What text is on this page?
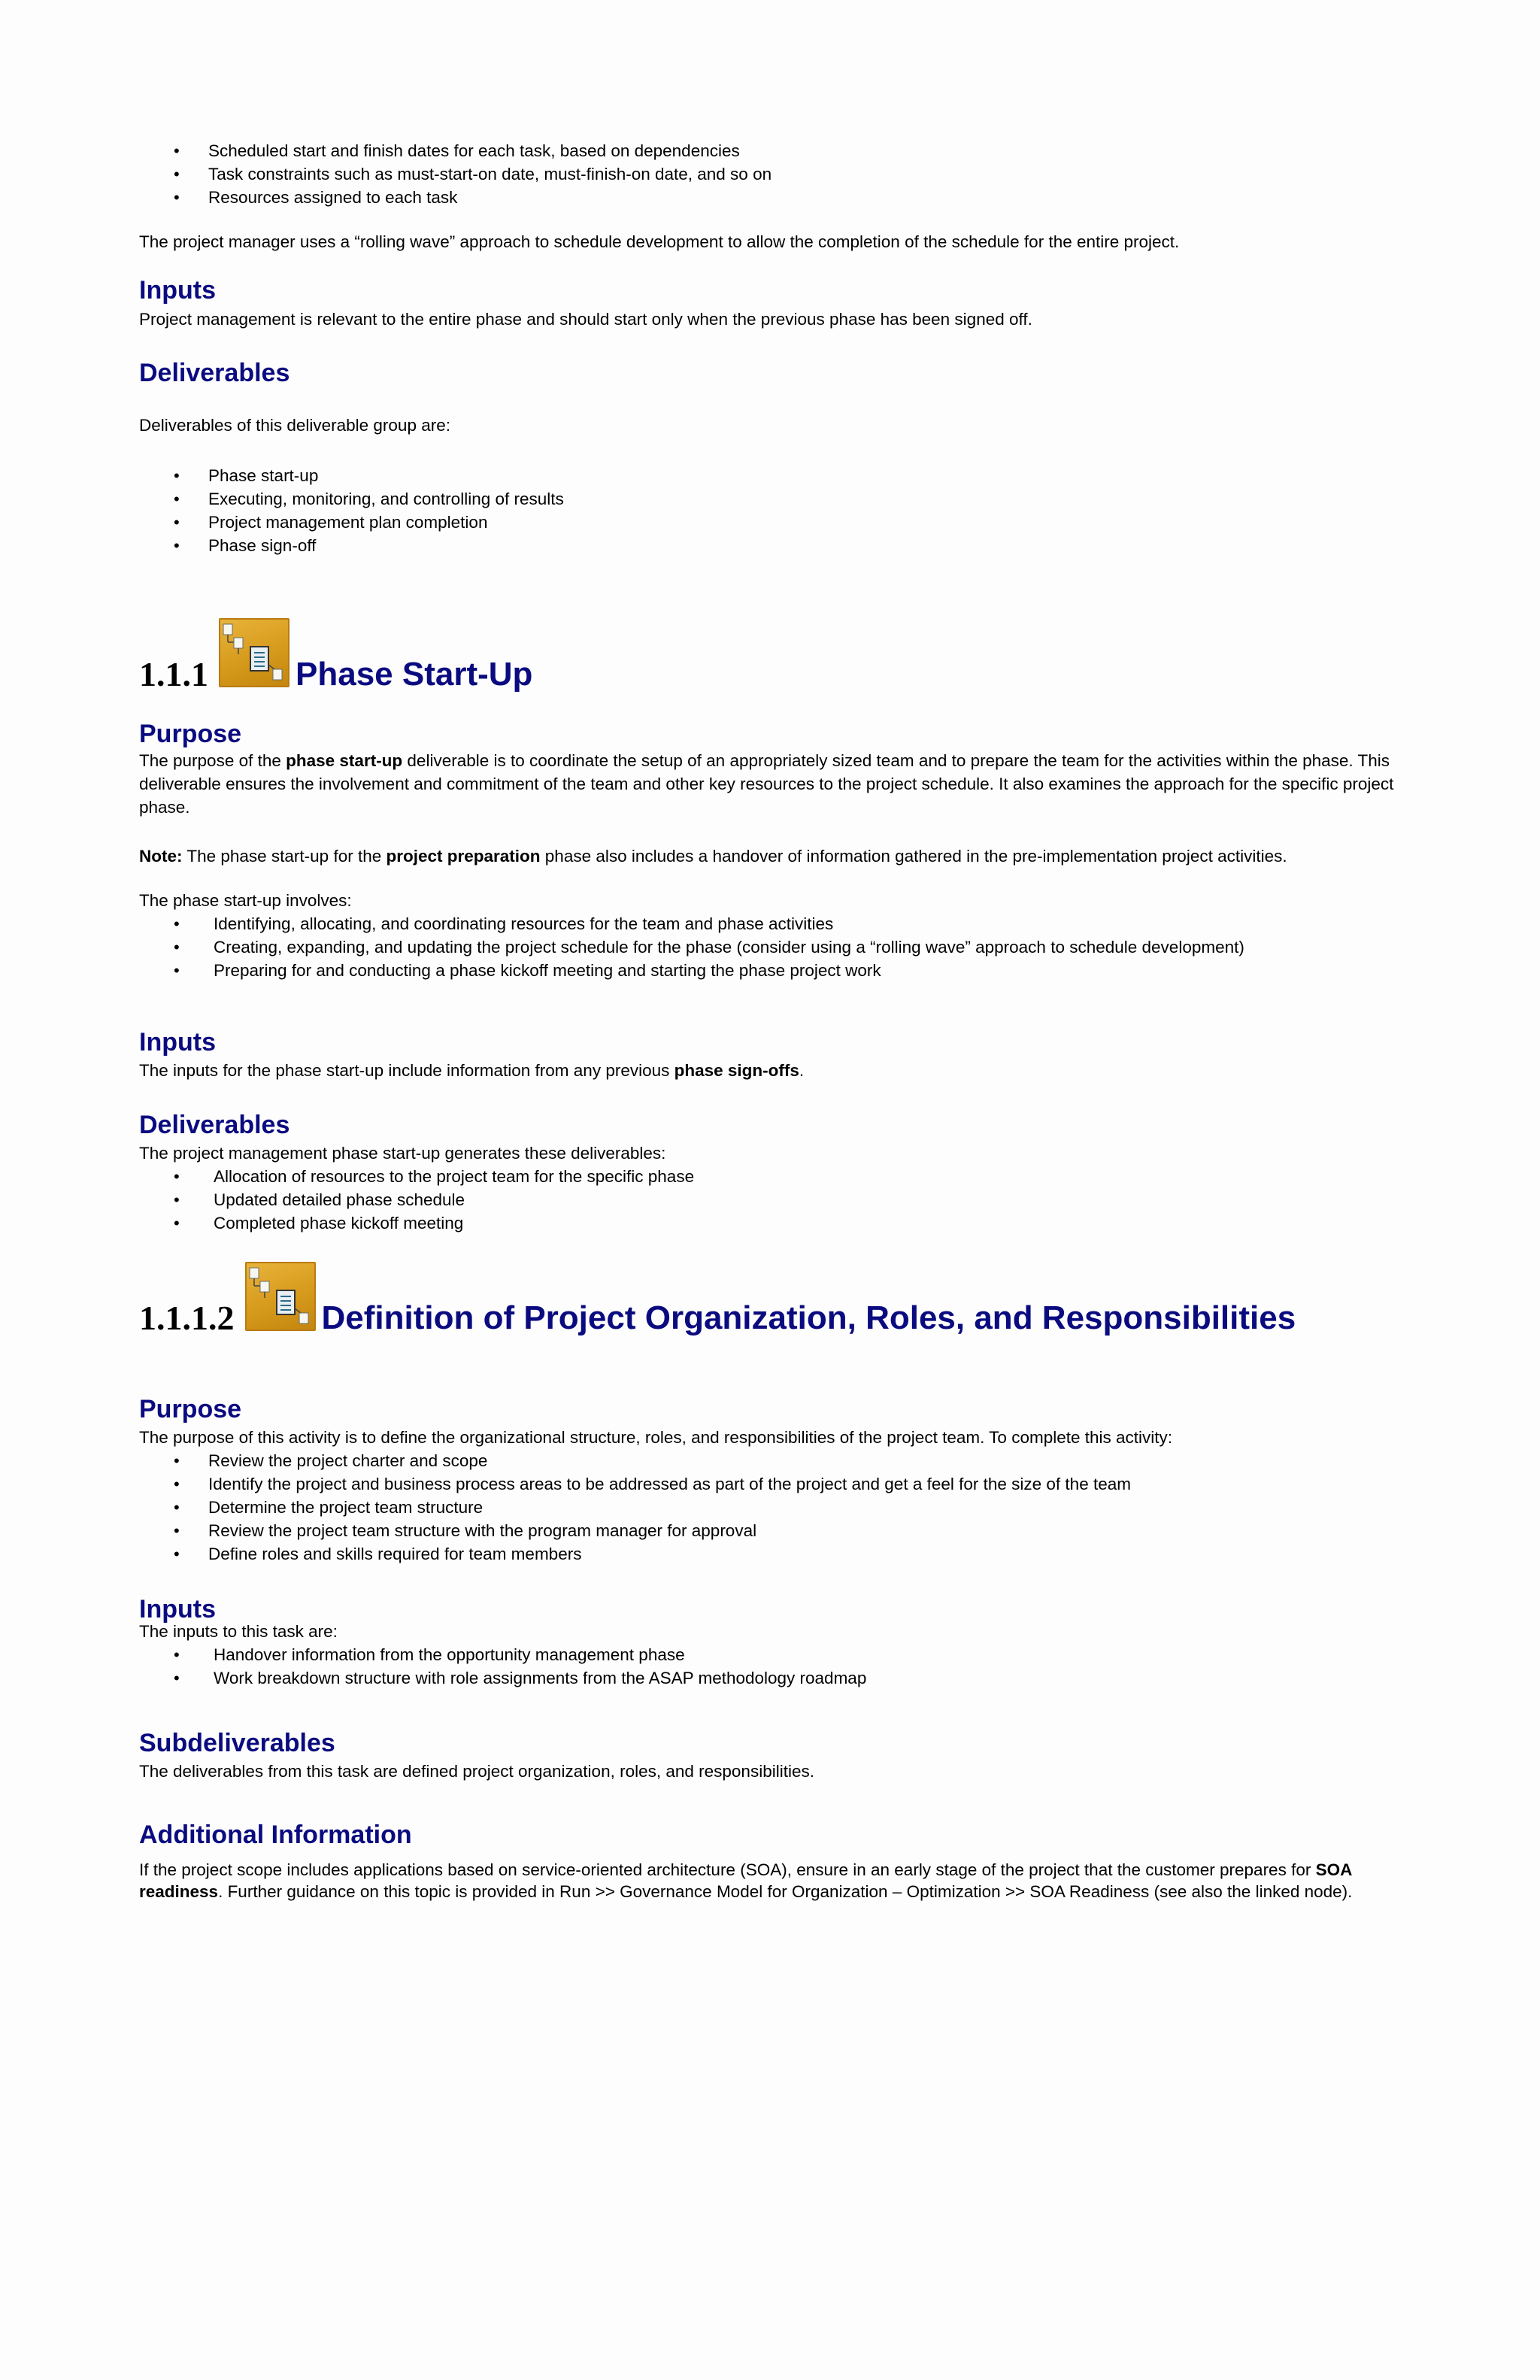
• Scheduled start and finish dates for each task, based on dependencies
• Task constraints such as must-start-on date, must-finish-on date, and so on
• Resources assigned to each task

The project manager uses a “rolling wave” approach to schedule development to allow the completion of the schedule for the entire project.

Inputs

Project management is relevant to the entire phase and should start only when the previous phase has been signed off.

Deliverables

Deliverables of this deliverable group are:

• Phase start-up
• Executing, monitoring, and controlling of results
• Project management plan completion
• Phase sign-off
1.1.1	Phase Start-Up
Purpose

The purpose of the phase start-up deliverable is to coordinate the setup of an appropriately sized team and to prepare the team for the activities within the phase. This deliverable ensures the involvement and commitment of the team and other key resources to the project schedule. It also examines the approach for the specific project phase.

Note: The phase start-up for the project preparation phase also includes a handover of information gathered in the pre-implementation project activities.

The phase start-up involves:

• Identifying, allocating, and coordinating resources for the team and phase activities
• Creating, expanding, and updating the project schedule for the phase (consider using a “rolling wave” approach to schedule development)
• Preparing for and conducting a phase kickoff meeting and starting the phase project work
Inputs

The inputs for the phase start-up include information from any previous phase sign-offs.

Deliverables

The project management phase start-up generates these deliverables:

• Allocation of resources to the project team for the specific phase
• Updated detailed phase schedule
• Completed phase kickoff meeting
1.1.1.2	Definition of Project Organization, Roles, and Responsibilities
Purpose

The purpose of this activity is to define the organizational structure, roles, and responsibilities of the project team. To complete this activity:

• Review the project charter and scope
• Identify the project and business process areas to be addressed as part of the project and get a feel for the size of the team
• Determine the project team structure
• Review the project team structure with the program manager for approval
• Define roles and skills required for team members
Inputs

The inputs to this task are:

• Handover information from the opportunity management phase
• Work breakdown structure with role assignments from the ASAP methodology roadmap
Subdeliverables

The deliverables from this task are defined project organization, roles, and responsibilities.

Additional Information

If the project scope includes applications based on service-oriented architecture (SOA), ensure in an early stage of the project that the customer prepares for SOA readiness. Further guidance on this topic is provided in Run >> Governance Model for Organization – Optimization >> SOA Readiness (see also the linked node).
